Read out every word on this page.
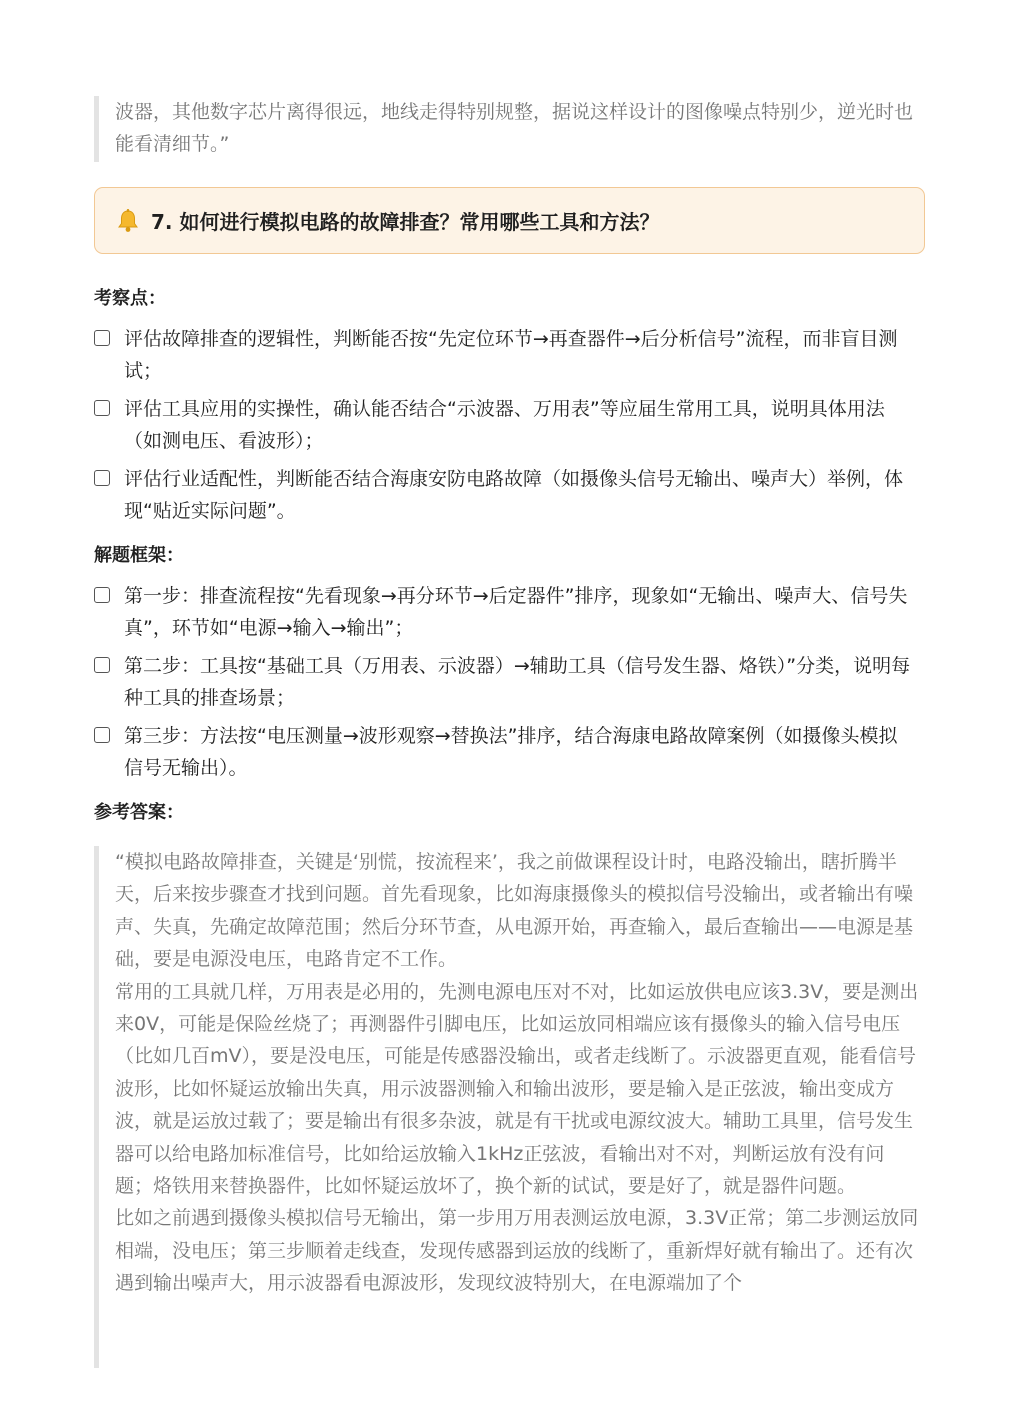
波器，其他数字芯片离得很远，地线走得特别规整，据说这样设计的图像噪点特别少，逆光时也能看清细节。”

7. 如何进行模拟电路的故障排查？常用哪些工具和方法？
考察点：
评估故障排查的逻辑性，判断能否按“先定位环节→再查器件→后分析信号”流程，而非盲目测试；
评估工具应用的实操性，确认能否结合“示波器、万用表”等应届生常用工具，说明具体用法（如测电压、看波形）；
评估行业适配性，判断能否结合海康安防电路故障（如摄像头信号无输出、噪声大）举例，体现“贴近实际问题”。
解题框架：
第一步：排查流程按“先看现象→再分环节→后定器件”排序，现象如“无输出、噪声大、信号失真”，环节如“电源→输入→输出”；
第二步：工具按“基础工具（万用表、示波器）→辅助工具（信号发生器、烙铁）”分类，说明每种工具的排查场景；
第三步：方法按“电压测量→波形观察→替换法”排序，结合海康电路故障案例（如摄像头模拟信号无输出）。
参考答案：

“模拟电路故障排查，关键是‘别慌，按流程来’，我之前做课程设计时，电路没输出，瞎折腾半天，后来按步骤查才找到问题。首先看现象，比如海康摄像头的模拟信号没输出，或者输出有噪声、失真，先确定故障范围；然后分环节查，从电源开始，再查输入，最后查输出——电源是基础，要是电源没电压，电路肯定不工作。

常用的工具就几样，万用表是必用的，先测电源电压对不对，比如运放供电应该3.3V，要是测出来0V，可能是保险丝烧了；再测器件引脚电压，比如运放同相端应该有摄像头的输入信号电压（比如几百mV），要是没电压，可能是传感器没输出，或者走线断了。示波器更直观，能看信号波形，比如怀疑运放输出失真，用示波器测输入和输出波形，要是输入是正弦波，输出变成方波，就是运放过载了；要是输出有很多杂波，就是有干扰或电源纹波大。辅助工具里，信号发生器可以给电路加标准信号，比如给运放输入1kHz正弦波，看输出对不对，判断运放有没有问题；烙铁用来替换器件，比如怀疑运放坏了，换个新的试试，要是好了，就是器件问题。

比如之前遇到摄像头模拟信号无输出，第一步用万用表测运放电源，3.3V正常；第二步测运放同相端，没电压；第三步顺着走线查，发现传感器到运放的线断了，重新焊好就有输出了。还有次遇到输出噪声大，用示波器看电源波形，发现纹波特别大，在电源端加了个
